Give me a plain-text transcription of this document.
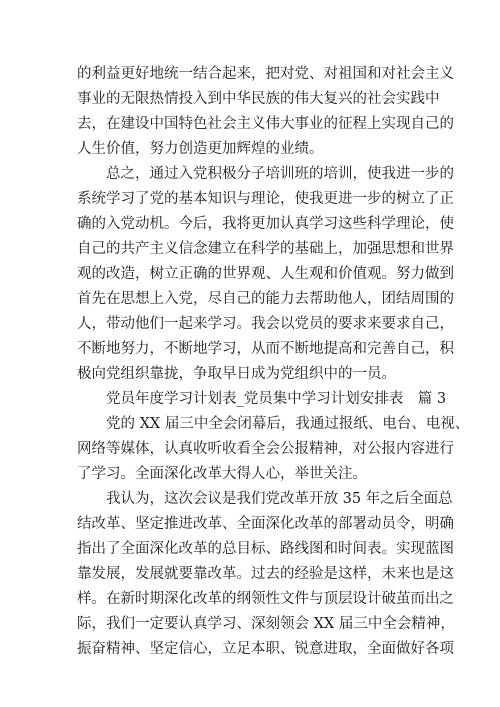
的利益更好地统一结合起来，把对党、对祖国和对社会主义
事业的无限热情投入到中华民族的伟大复兴的社会实践中
去，在建设中国特色社会主义伟大事业的征程上实现自己的
人生价值，努力创造更加辉煌的业绩。
　　总之，通过入党积极分子培训班的培训，使我进一步的
系统学习了党的基本知识与理论，使我更进一步的树立了正
确的入党动机。今后，我将更加认真学习这些科学理论，使
自己的共产主义信念建立在科学的基础上，加强思想和世界
观的改造，树立正确的世界观、人生观和价值观。努力做到
首先在思想上入党，尽自己的能力去帮助他人，团结周围的
人，带动他们一起来学习。我会以党员的要求来要求自己，
不断地努力，不断地学习，从而不断地提高和完善自己，积
极向党组织靠拢，争取早日成为党组织中的一员。
　　党员年度学习计划表_党员集中学习计划安排表　篇 3
　　党的 XX 届三中全会闭幕后，我通过报纸、电台、电视、
网络等媒体，认真收听收看全会公报精神，对公报内容进行
了学习。全面深化改革大得人心，举世关注。
　　我认为，这次会议是我们党改革开放 35 年之后全面总
结改革、坚定推进改革、全面深化改革的部署动员令，明确
指出了全面深化改革的总目标、路线图和时间表。实现蓝图
靠发展，发展就要靠改革。过去的经验是这样，未来也是这
样。在新时期深化改革的纲领性文件与顶层设计破茧而出之
际，我们一定要认真学习、深刻领会 XX 届三中全会精神，
振奋精神、坚定信心，立足本职、锐意进取，全面做好各项
